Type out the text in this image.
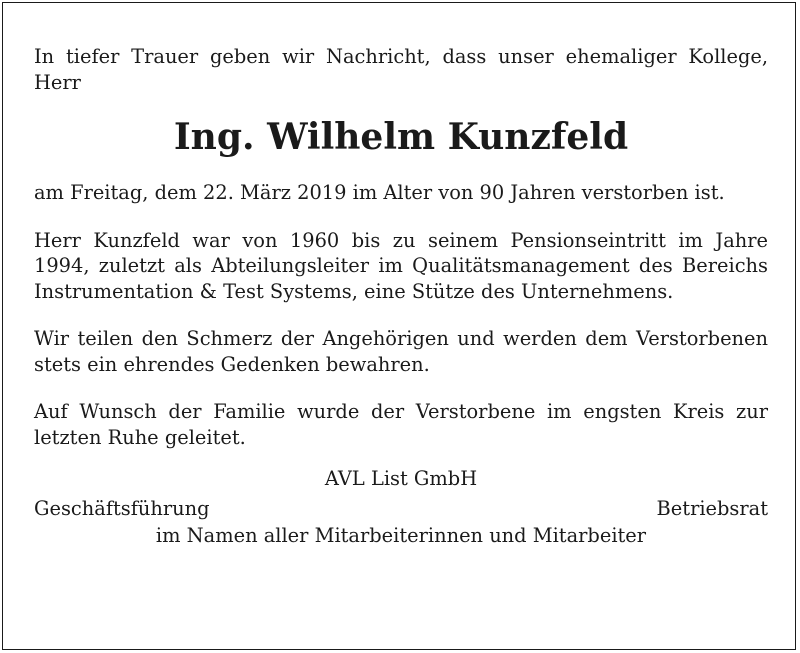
In tiefer Trauer geben wir Nachricht, dass unser ehemaliger Kollege,

Herr

Ing. Wilhelm Kunzfeld

am Freitag, dem 22. März 2019 im Alter von 90 Jahren verstorben ist.

Herr Kunzfeld war von 1960 bis zu seinem Pensionseintritt im Jahre

1994, zuletzt als Abteilungsleiter im Qualitätsmanagement des Bereichs

Instrumentation & Test Systems, eine Stütze des Unternehmens.

Wir teilen den Schmerz der Angehörigen und werden dem Verstorbenen

stets ein ehrendes Gedenken bewahren.

Auf Wunsch der Familie wurde der Verstorbene im engsten Kreis zur

letzten Ruhe geleitet.

AVL List GmbH

Geschäftsführung	Betriebsrat

im Namen aller Mitarbeiterinnen und Mitarbeiter
